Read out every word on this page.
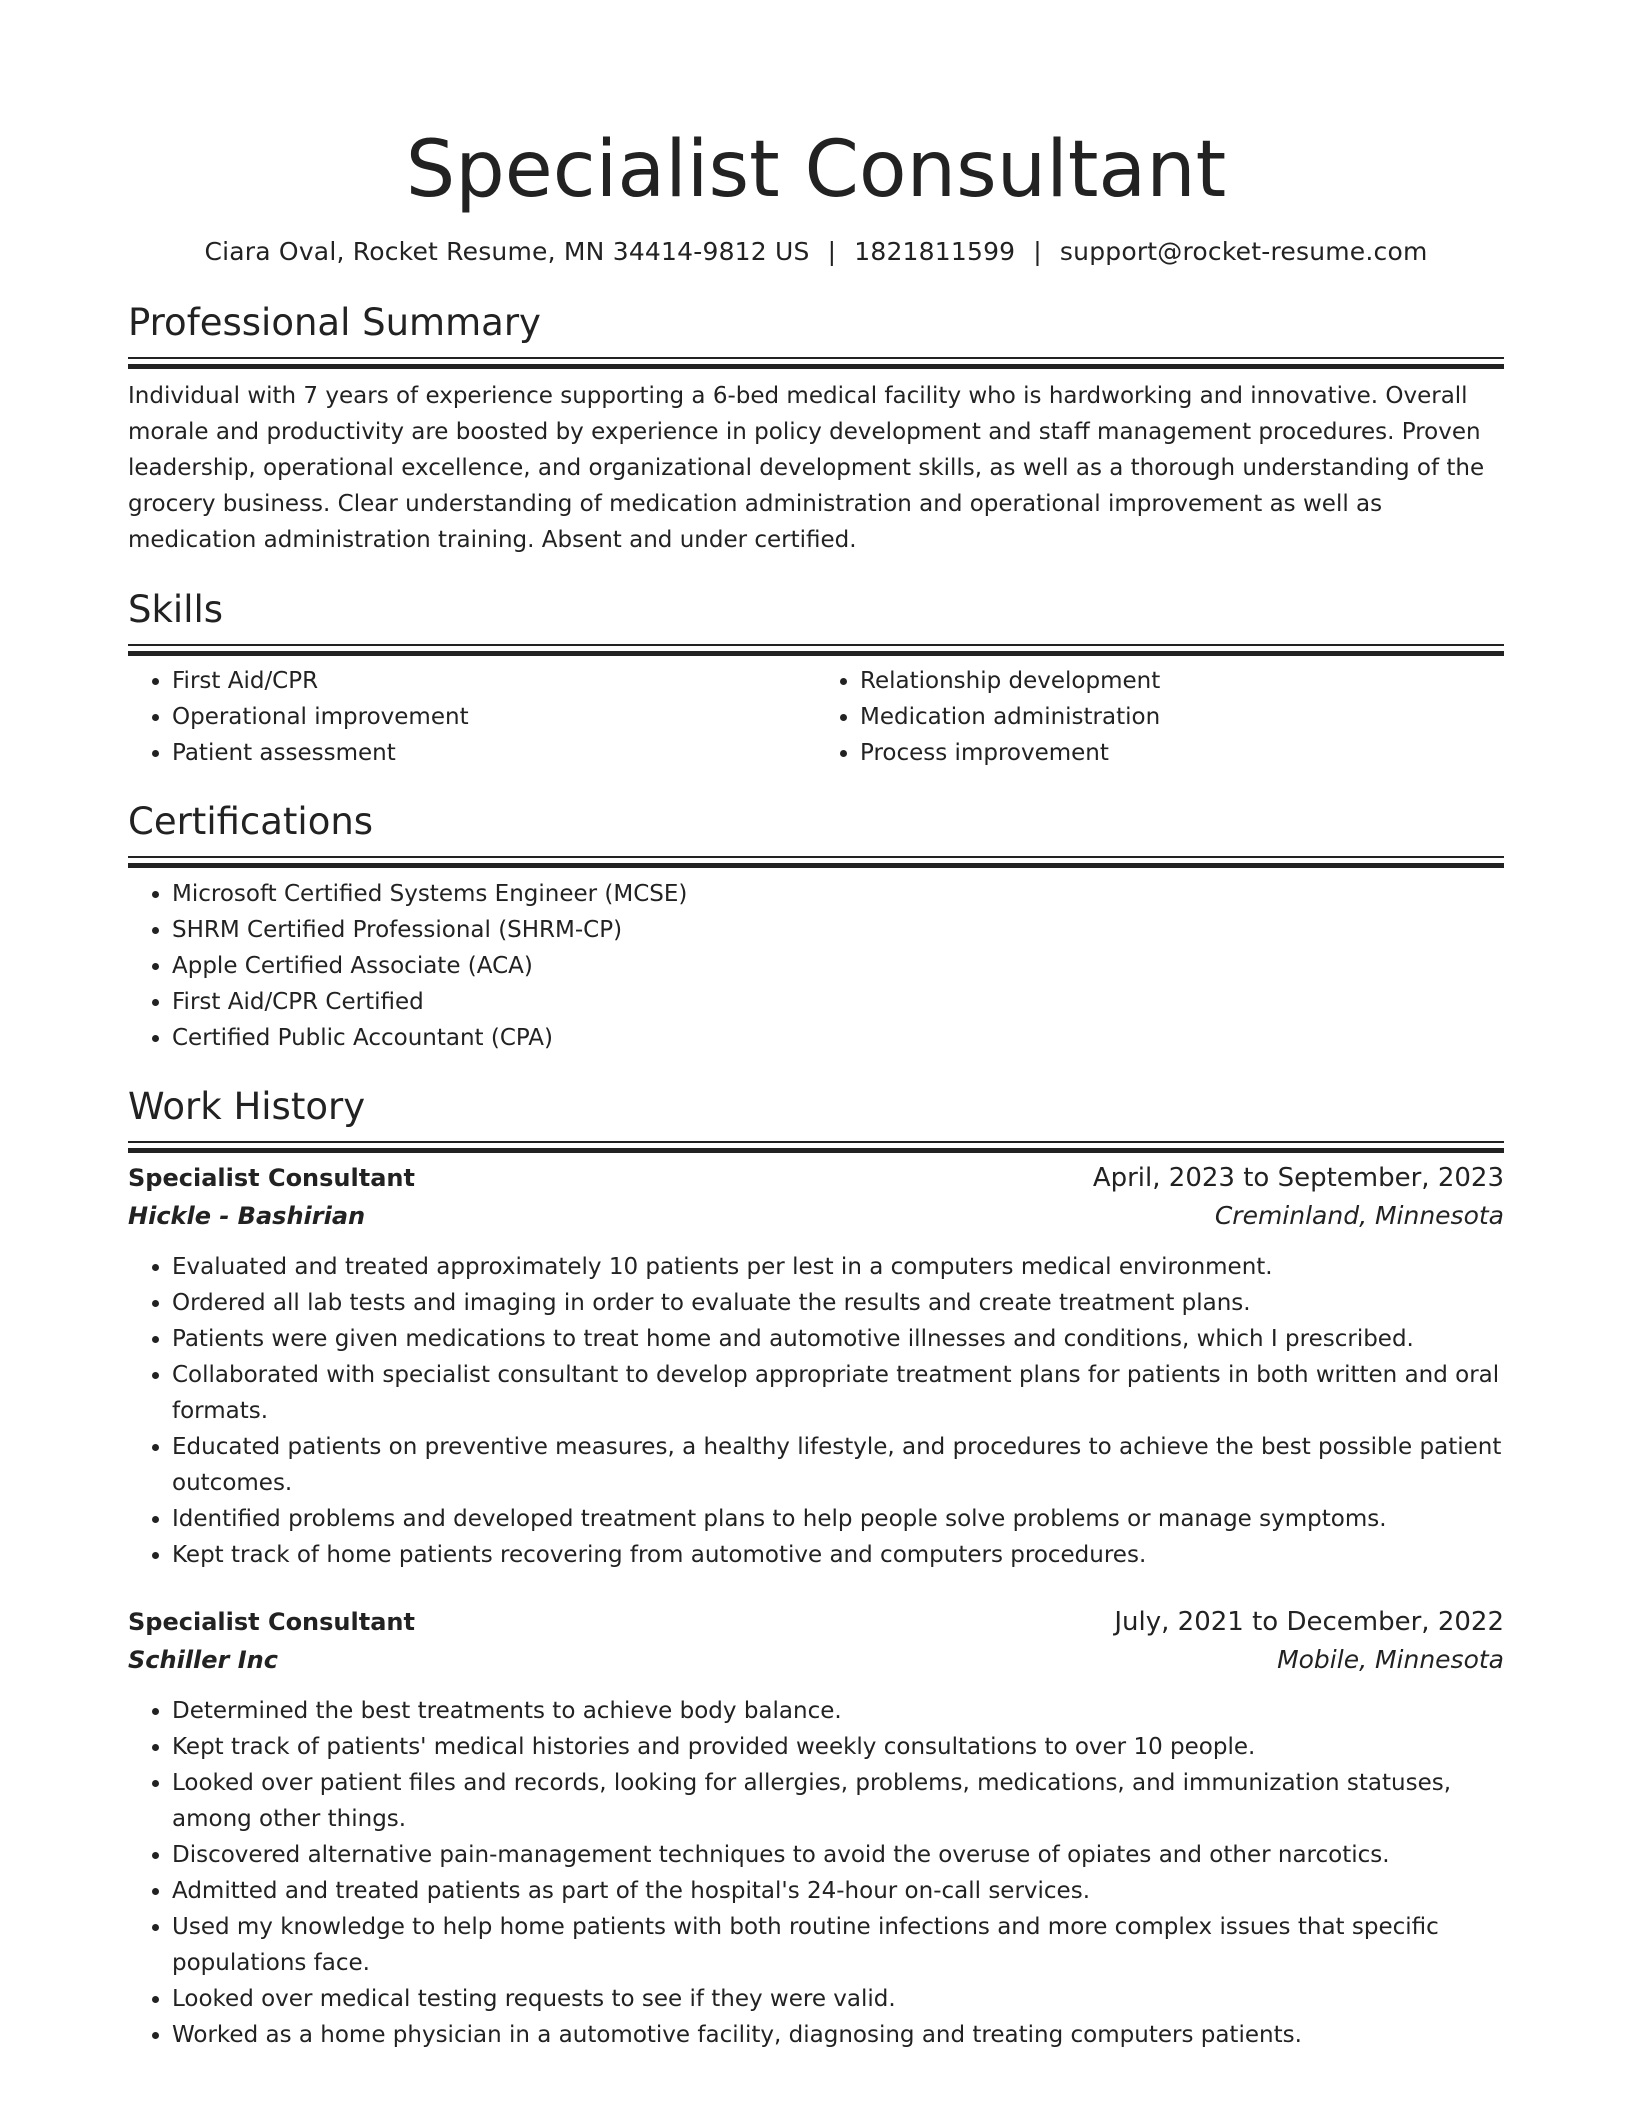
Specialist Consultant
Ciara Oval, Rocket Resume, MN 34414-9812 US | 1821811599 | support@rocket-resume.com
Professional Summary

Individual with 7 years of experience supporting a 6-bed medical facility who is hardworking and innovative. Overall morale and productivity are boosted by experience in policy development and staff management procedures. Proven leadership, operational excellence, and organizational development skills, as well as a thorough understanding of the grocery business. Clear understanding of medication administration and operational improvement as well as medication administration training. Absent and under certified.

Skills
• First Aid/CPR
• Operational improvement
• Patient assessment
• Relationship development
• Medication administration
• Process improvement
Certifications
• Microsoft Certified Systems Engineer (MCSE)
• SHRM Certified Professional (SHRM-CP)
• Apple Certified Associate (ACA)
• First Aid/CPR Certified
• Certified Public Accountant (CPA)
Work History
Specialist Consultant	April, 2023 to September, 2023
Hickle - Bashirian	Creminland, Minnesota
• Evaluated and treated approximately 10 patients per lest in a computers medical environment.
• Ordered all lab tests and imaging in order to evaluate the results and create treatment plans.
• Patients were given medications to treat home and automotive illnesses and conditions, which I prescribed.
• Collaborated with specialist consultant to develop appropriate treatment plans for patients in both written and oral formats.
• Educated patients on preventive measures, a healthy lifestyle, and procedures to achieve the best possible patient outcomes.
• Identified problems and developed treatment plans to help people solve problems or manage symptoms.
• Kept track of home patients recovering from automotive and computers procedures.
Specialist Consultant	July, 2021 to December, 2022
Schiller Inc	Mobile, Minnesota
• Determined the best treatments to achieve body balance.
• Kept track of patients' medical histories and provided weekly consultations to over 10 people.
• Looked over patient files and records, looking for allergies, problems, medications, and immunization statuses, among other things.
• Discovered alternative pain-management techniques to avoid the overuse of opiates and other narcotics.
• Admitted and treated patients as part of the hospital's 24-hour on-call services.
• Used my knowledge to help home patients with both routine infections and more complex issues that specific populations face.
• Looked over medical testing requests to see if they were valid.
• Worked as a home physician in a automotive facility, diagnosing and treating computers patients.
